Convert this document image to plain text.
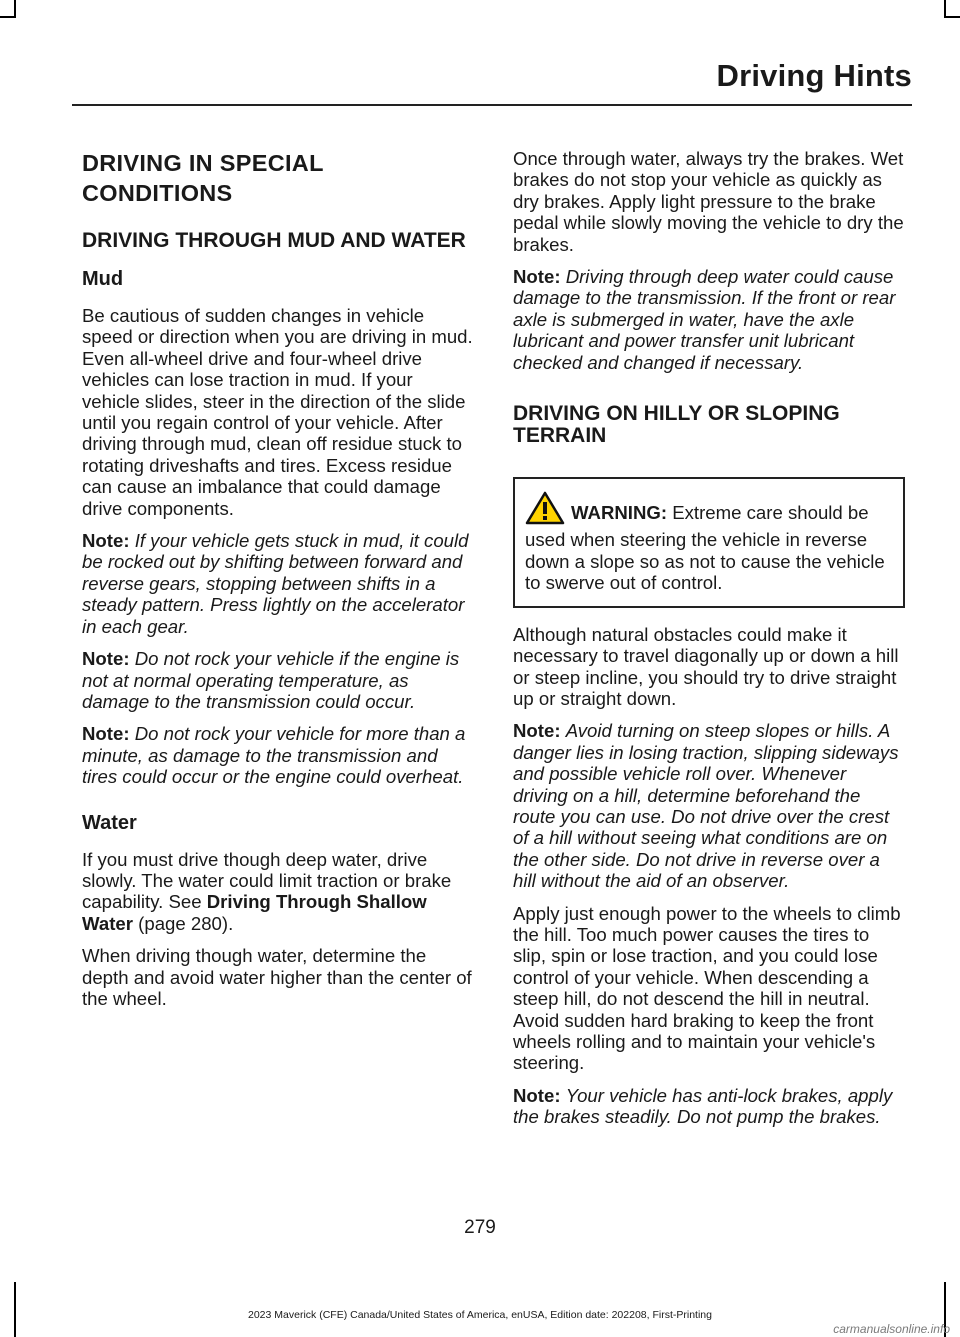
Driving Hints
DRIVING IN SPECIAL
CONDITIONS
DRIVING THROUGH MUD AND WATER
Mud

Be cautious of sudden changes in vehicle speed or direction when you are driving in mud. Even all-wheel drive and four-wheel drive vehicles can lose traction in mud. If your vehicle slides, steer in the direction of the slide until you regain control of your vehicle. After driving through mud, clean off residue stuck to rotating driveshafts and tires. Excess residue can cause an imbalance that could damage drive components.

Note: If your vehicle gets stuck in mud, it could be rocked out by shifting between forward and reverse gears, stopping between shifts in a steady pattern. Press lightly on the accelerator in each gear.

Note: Do not rock your vehicle if the engine is not at normal operating temperature, as damage to the transmission could occur.

Note: Do not rock your vehicle for more than a minute, as damage to the transmission and tires could occur or the engine could overheat.

Water

If you must drive though deep water, drive slowly. The water could limit traction or brake capability. See Driving Through Shallow Water (page 280).

When driving though water, determine the depth and avoid water higher than the center of the wheel.

Once through water, always try the brakes. Wet brakes do not stop your vehicle as quickly as dry brakes. Apply light pressure to the brake pedal while slowly moving the vehicle to dry the brakes.

Note: Driving through deep water could cause damage to the transmission. If the front or rear axle is submerged in water, have the axle lubricant and power transfer unit lubricant checked and changed if necessary.

DRIVING ON HILLY OR SLOPING TERRAIN
WARNING: Extreme care should be used when steering the vehicle in reverse down a slope so as not to cause the vehicle to swerve out of control.

Although natural obstacles could make it necessary to travel diagonally up or down a hill or steep incline, you should try to drive straight up or straight down.

Note: Avoid turning on steep slopes or hills. A danger lies in losing traction, slipping sideways and possible vehicle roll over. Whenever driving on a hill, determine beforehand the route you can use. Do not drive over the crest of a hill without seeing what conditions are on the other side. Do not drive in reverse over a hill without the aid of an observer.

Apply just enough power to the wheels to climb the hill. Too much power causes the tires to slip, spin or lose traction, and you could lose control of your vehicle. When descending a steep hill, do not descend the hill in neutral. Avoid sudden hard braking to keep the front wheels rolling and to maintain your vehicle's steering.

Note: Your vehicle has anti-lock brakes, apply the brakes steadily. Do not pump the brakes.

279
2023 Maverick (CFE) Canada/United States of America, enUSA, Edition date: 202208, First-Printing
carmanualsonline.info
